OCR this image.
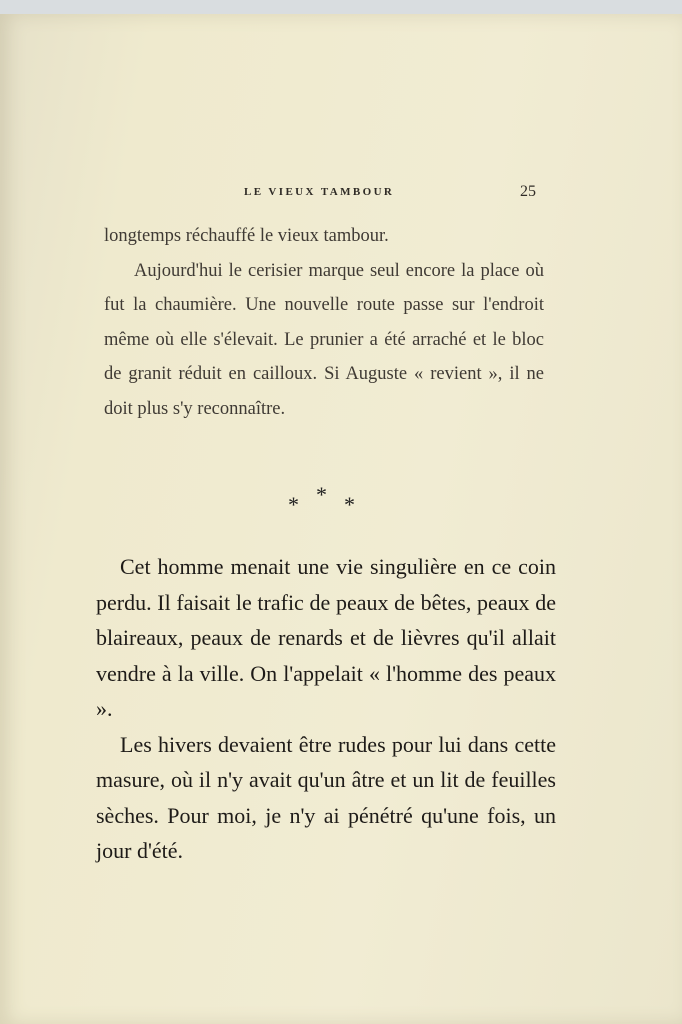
LE VIEUX TAMBOUR	25

longtemps réchauffé le vieux tambour.

Aujourd'hui le cerisier marque seul encore la place où fut la chaumière. Une nouvelle route passe sur l'endroit même où elle s'élevait. Le prunier a été arraché et le bloc de granit réduit en cailloux. Si Auguste « revient », il ne doit plus s'y reconnaître.

* * *

Cet homme menait une vie singulière en ce coin perdu. Il faisait le trafic de peaux de bêtes, peaux de blaireaux, peaux de renards et de lièvres qu'il allait vendre à la ville. On l'appelait « l'homme des peaux ».

Les hivers devaient être rudes pour lui dans cette masure, où il n'y avait qu'un âtre et un lit de feuilles sèches. Pour moi, je n'y ai pénétré qu'une fois, un jour d'été.
